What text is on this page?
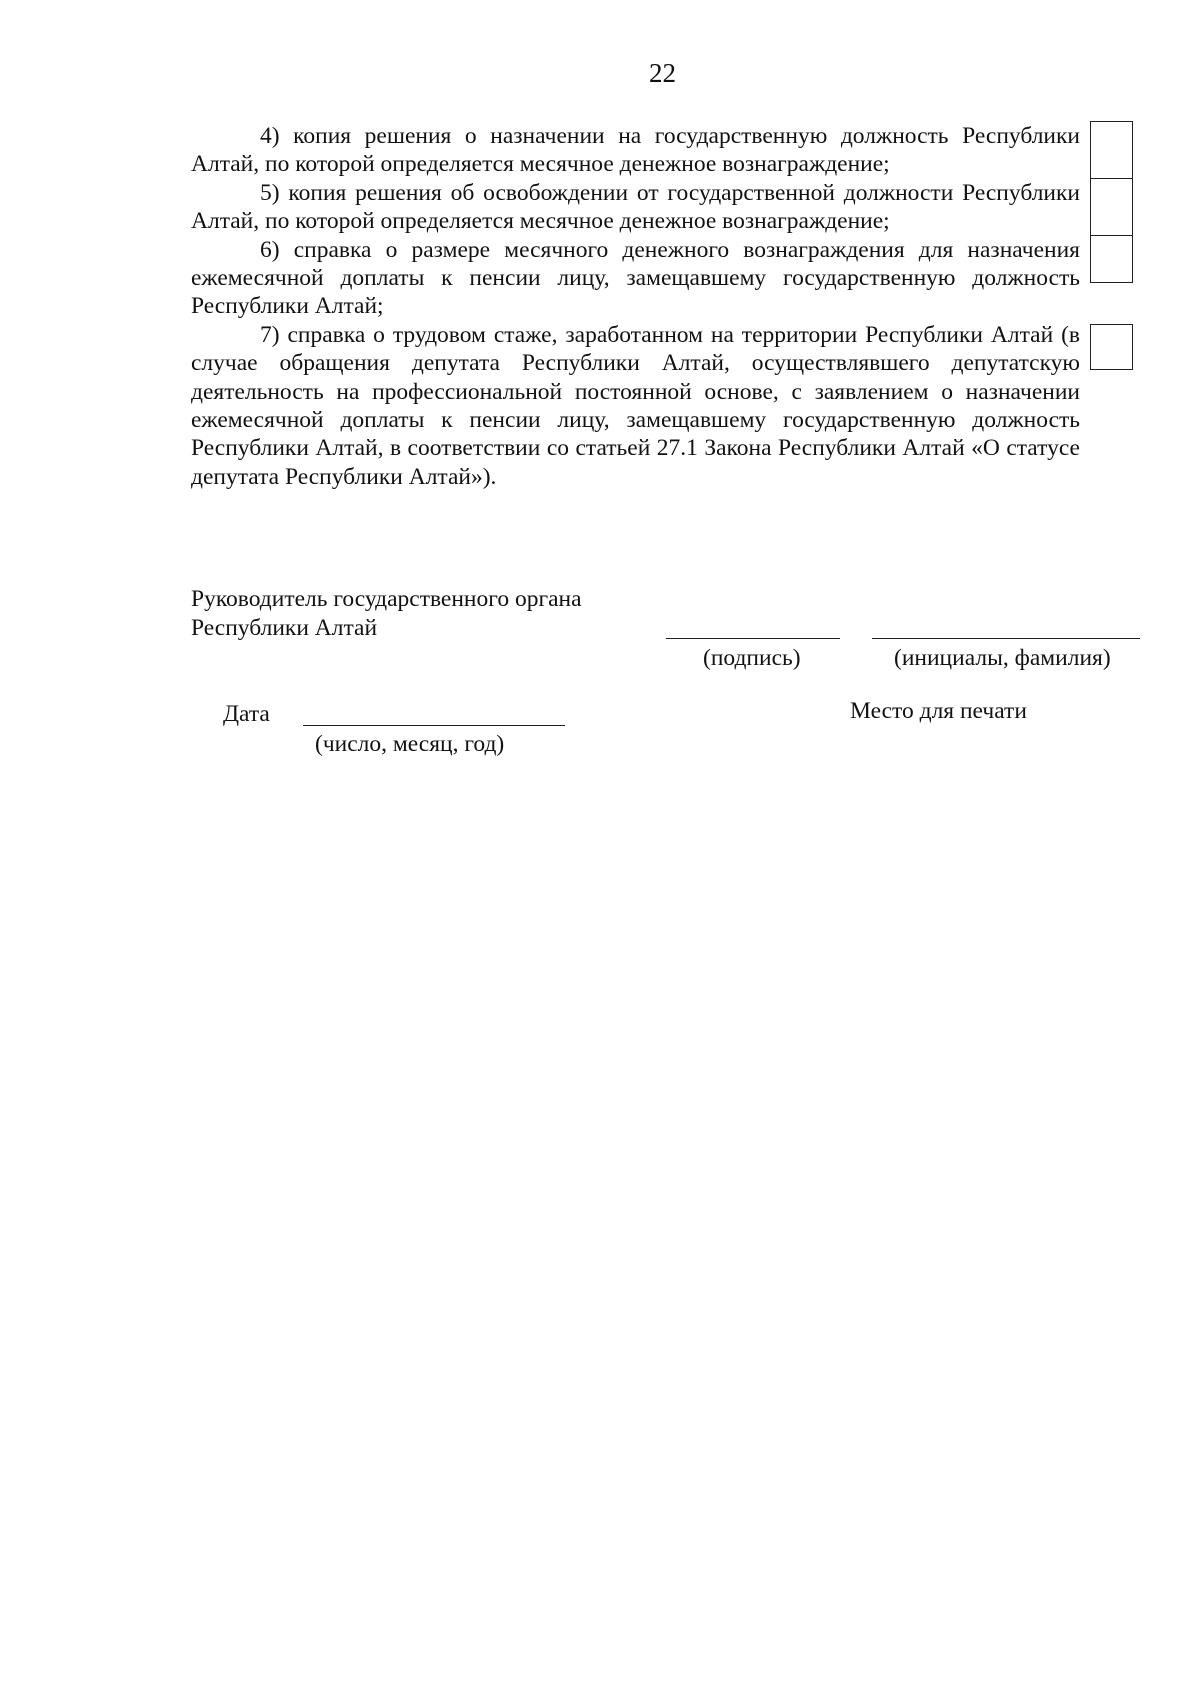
22

4) копия решения о назначении на государственную должность Республики Алтай, по которой определяется месячное денежное вознаграждение;

5) копия решения об освобождении от государственной должности Республики Алтай, по которой определяется месячное денежное вознаграждение;

6) справка о размере месячного денежного вознаграждения для назначения ежемесячной доплаты к пенсии лицу, замещавшему государственную должность Республики Алтай;

7) справка о трудовом стаже, заработанном на территории Республики Алтай (в случае обращения депутата Республики Алтай, осуществлявшего депутатскую деятельность на профессиональной постоянной основе, с заявлением о назначении ежемесячной доплаты к пенсии лицу, замещавшему государственную должность Республики Алтай, в соответствии со статьей 27.1 Закона Республики Алтай «О статусе депутата Республики Алтай»).

Руководитель государственного органа
Республики Алтай
(подпись)	(инициалы, фамилия)
Дата
(число, месяц, год)
Место для печати
